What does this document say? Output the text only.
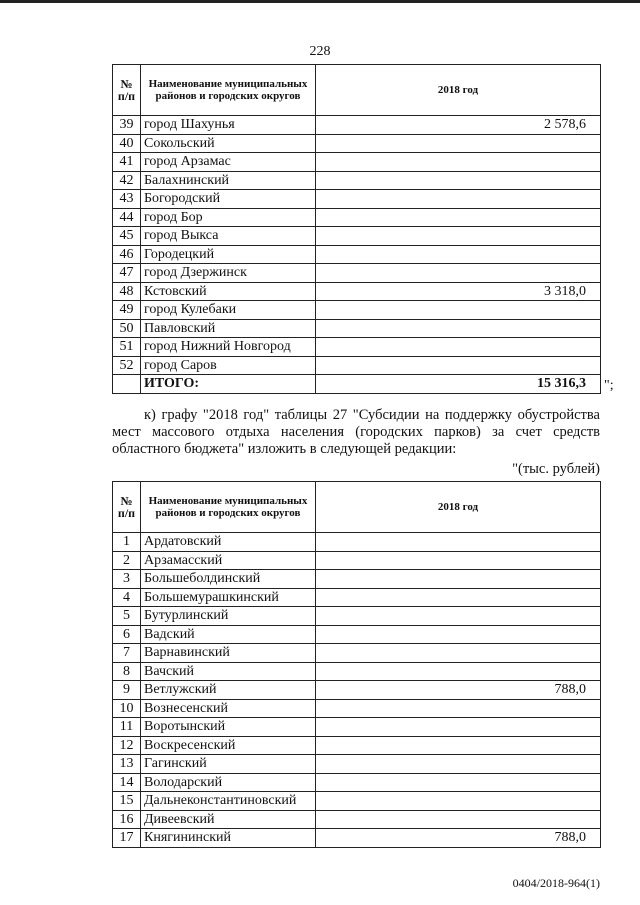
228
№ п/п	Наименование муниципальных районов и городских округов	2018 год
39	город Шахунья	2 578,6
40	Сокольский	
41	город Арзамас	
42	Балахнинский	
43	Богородский	
44	город Бор	
45	город Выкса	
46	Городецкий	
47	город Дзержинск	
48	Кстовский	3 318,0
49	город Кулебаки	
50	Павловский	
51	город Нижний Новгород	
52	город Саров	
	ИТОГО:	15 316,3 ";
к) графу "2018 год" таблицы 27 "Субсидии на поддержку обустройства мест массового отдыха населения (городских парков) за счет средств областного бюджета" изложить в следующей редакции:
"(тыс. рублей)
№ п/п	Наименование муниципальных районов и городских округов	2018 год
1	Ардатовский	
2	Арзамасский	
3	Большеболдинский	
4	Большемурашкинский	
5	Бутурлинский	
6	Вадский	
7	Варнавинский	
8	Вачский	
9	Ветлужский	788,0
10	Вознесенский	
11	Воротынский	
12	Воскресенский	
13	Гагинский	
14	Володарский	
15	Дальнеконстантиновский	
16	Дивеевский	
17	Княгининский	788,0
0404/2018-964(1)
